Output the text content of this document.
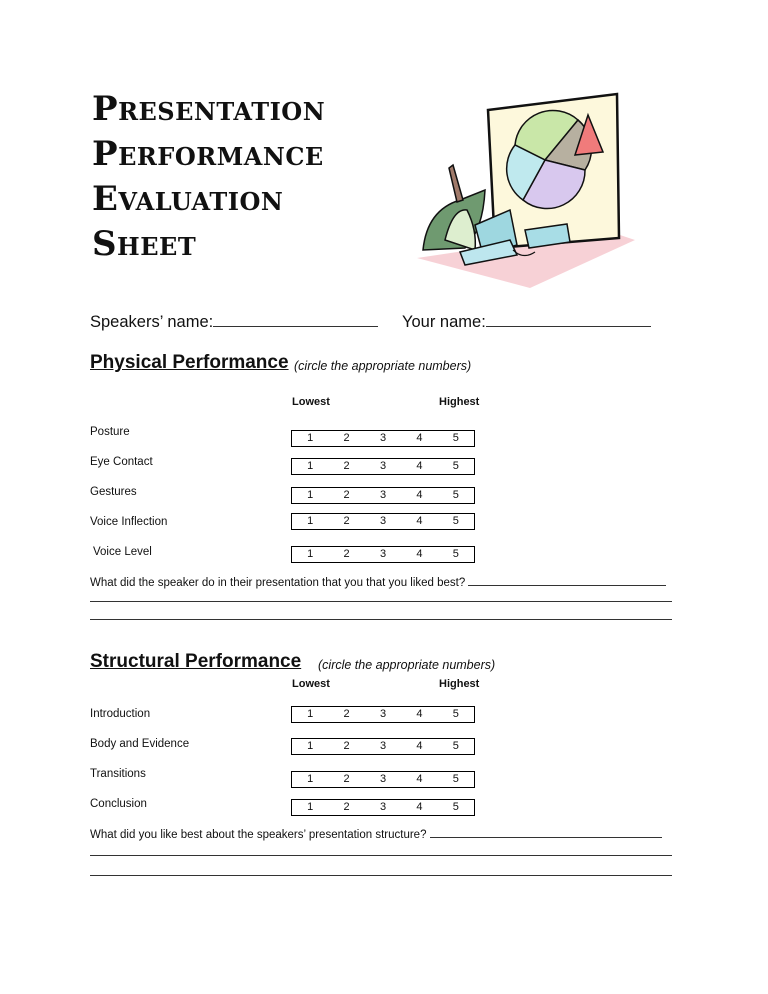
Presentation
Performance
Evaluation
Sheet
Speakers’ name:	Your name:
Physical Performance (circle the appropriate numbers)
Lowest	Highest
Posture	1	2	3	4	5
Eye Contact	1	2	3	4	5
Gestures	1	2	3	4	5
Voice Inflection	1	2	3	4	5
Voice Level	1	2	3	4	5
What did the speaker do in their presentation that you that you liked best?
Structural Performance (circle the appropriate numbers)
Lowest	Highest
Introduction	1	2	3	4	5
Body and Evidence	1	2	3	4	5
Transitions	1	2	3	4	5
Conclusion	1	2	3	4	5
What did you like best about the speakers’ presentation structure?
